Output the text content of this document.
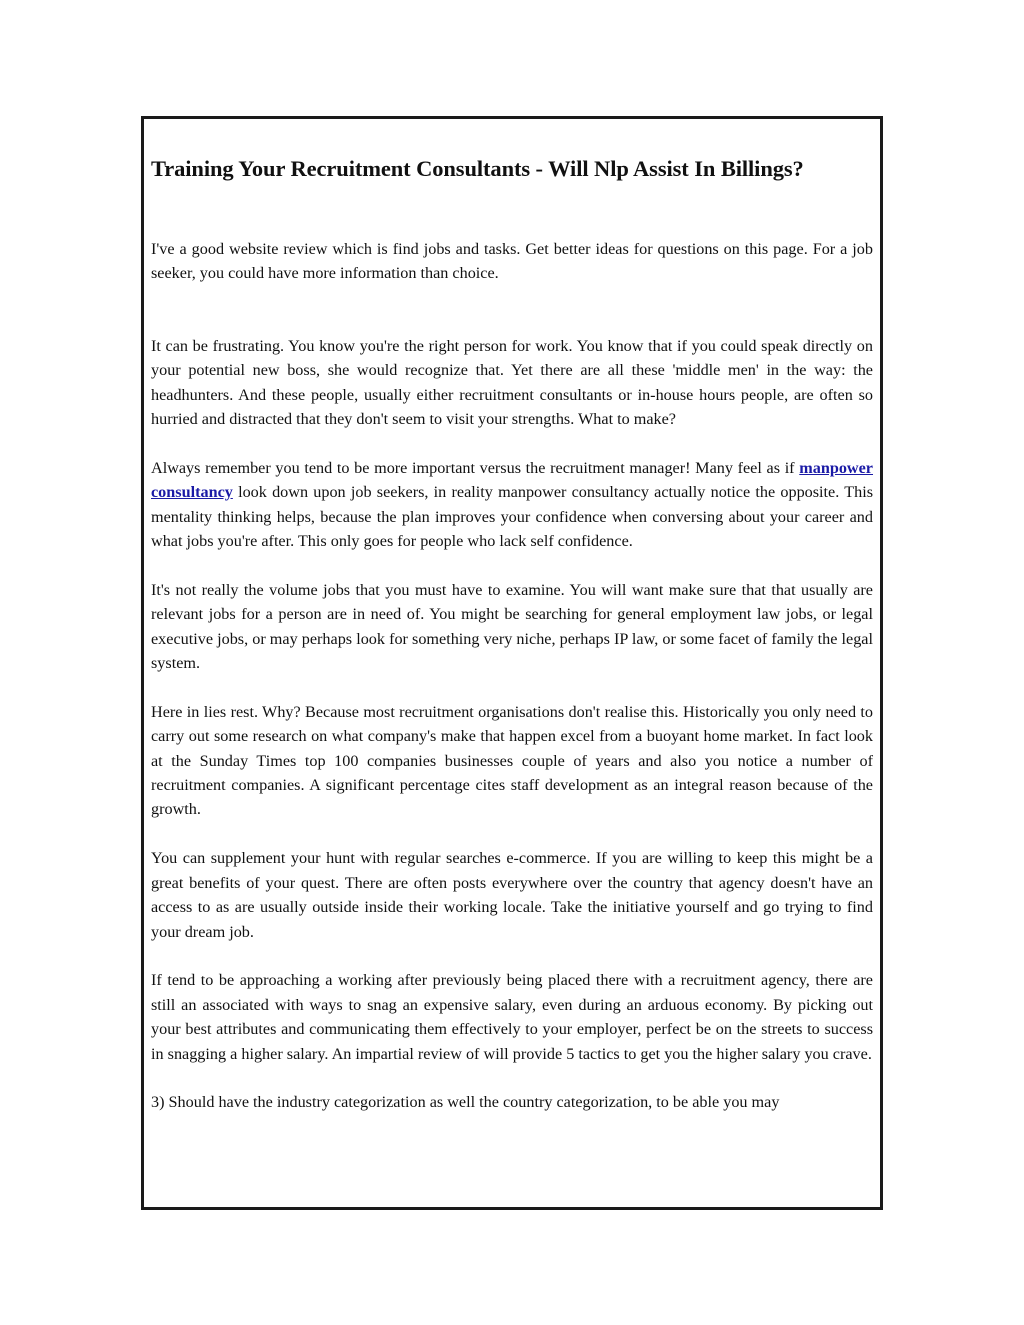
Training Your Recruitment Consultants - Will Nlp Assist In Billings?

I've a good website review which is find jobs and tasks. Get better ideas for questions on this page. For a job seeker, you could have more information than choice.

It can be frustrating. You know you're the right person for work. You know that if you could speak directly on your potential new boss, she would recognize that. Yet there are all these 'middle men' in the way: the headhunters. And these people, usually either recruitment consultants or in-house hours people, are often so hurried and distracted that they don't seem to visit your strengths. What to make?

Always remember you tend to be more important versus the recruitment manager! Many feel as if manpower consultancy look down upon job seekers, in reality manpower consultancy actually notice the opposite. This mentality thinking helps, because the plan improves your confidence when conversing about your career and what jobs you're after. This only goes for people who lack self confidence.

It's not really the volume jobs that you must have to examine. You will want make sure that that usually are relevant jobs for a person are in need of. You might be searching for general employment law jobs, or legal executive jobs, or may perhaps look for something very niche, perhaps IP law, or some facet of family the legal system.

Here in lies rest. Why? Because most recruitment organisations don't realise this. Historically you only need to carry out some research on what company's make that happen excel from a buoyant home market. In fact look at the Sunday Times top 100 companies businesses couple of years and also you notice a number of recruitment companies. A significant percentage cites staff development as an integral reason because of the growth.

You can supplement your hunt with regular searches e-commerce. If you are willing to keep this might be a great benefits of your quest. There are often posts everywhere over the country that agency doesn't have an access to as are usually outside inside their working locale. Take the initiative yourself and go trying to find your dream job.

If tend to be approaching a working after previously being placed there with a recruitment agency, there are still an associated with ways to snag an expensive salary, even during an arduous economy. By picking out your best attributes and communicating them effectively to your employer, perfect be on the streets to success in snagging a higher salary. An impartial review of will provide 5 tactics to get you the higher salary you crave.

3) Should have the industry categorization as well the country categorization, to be able you may
